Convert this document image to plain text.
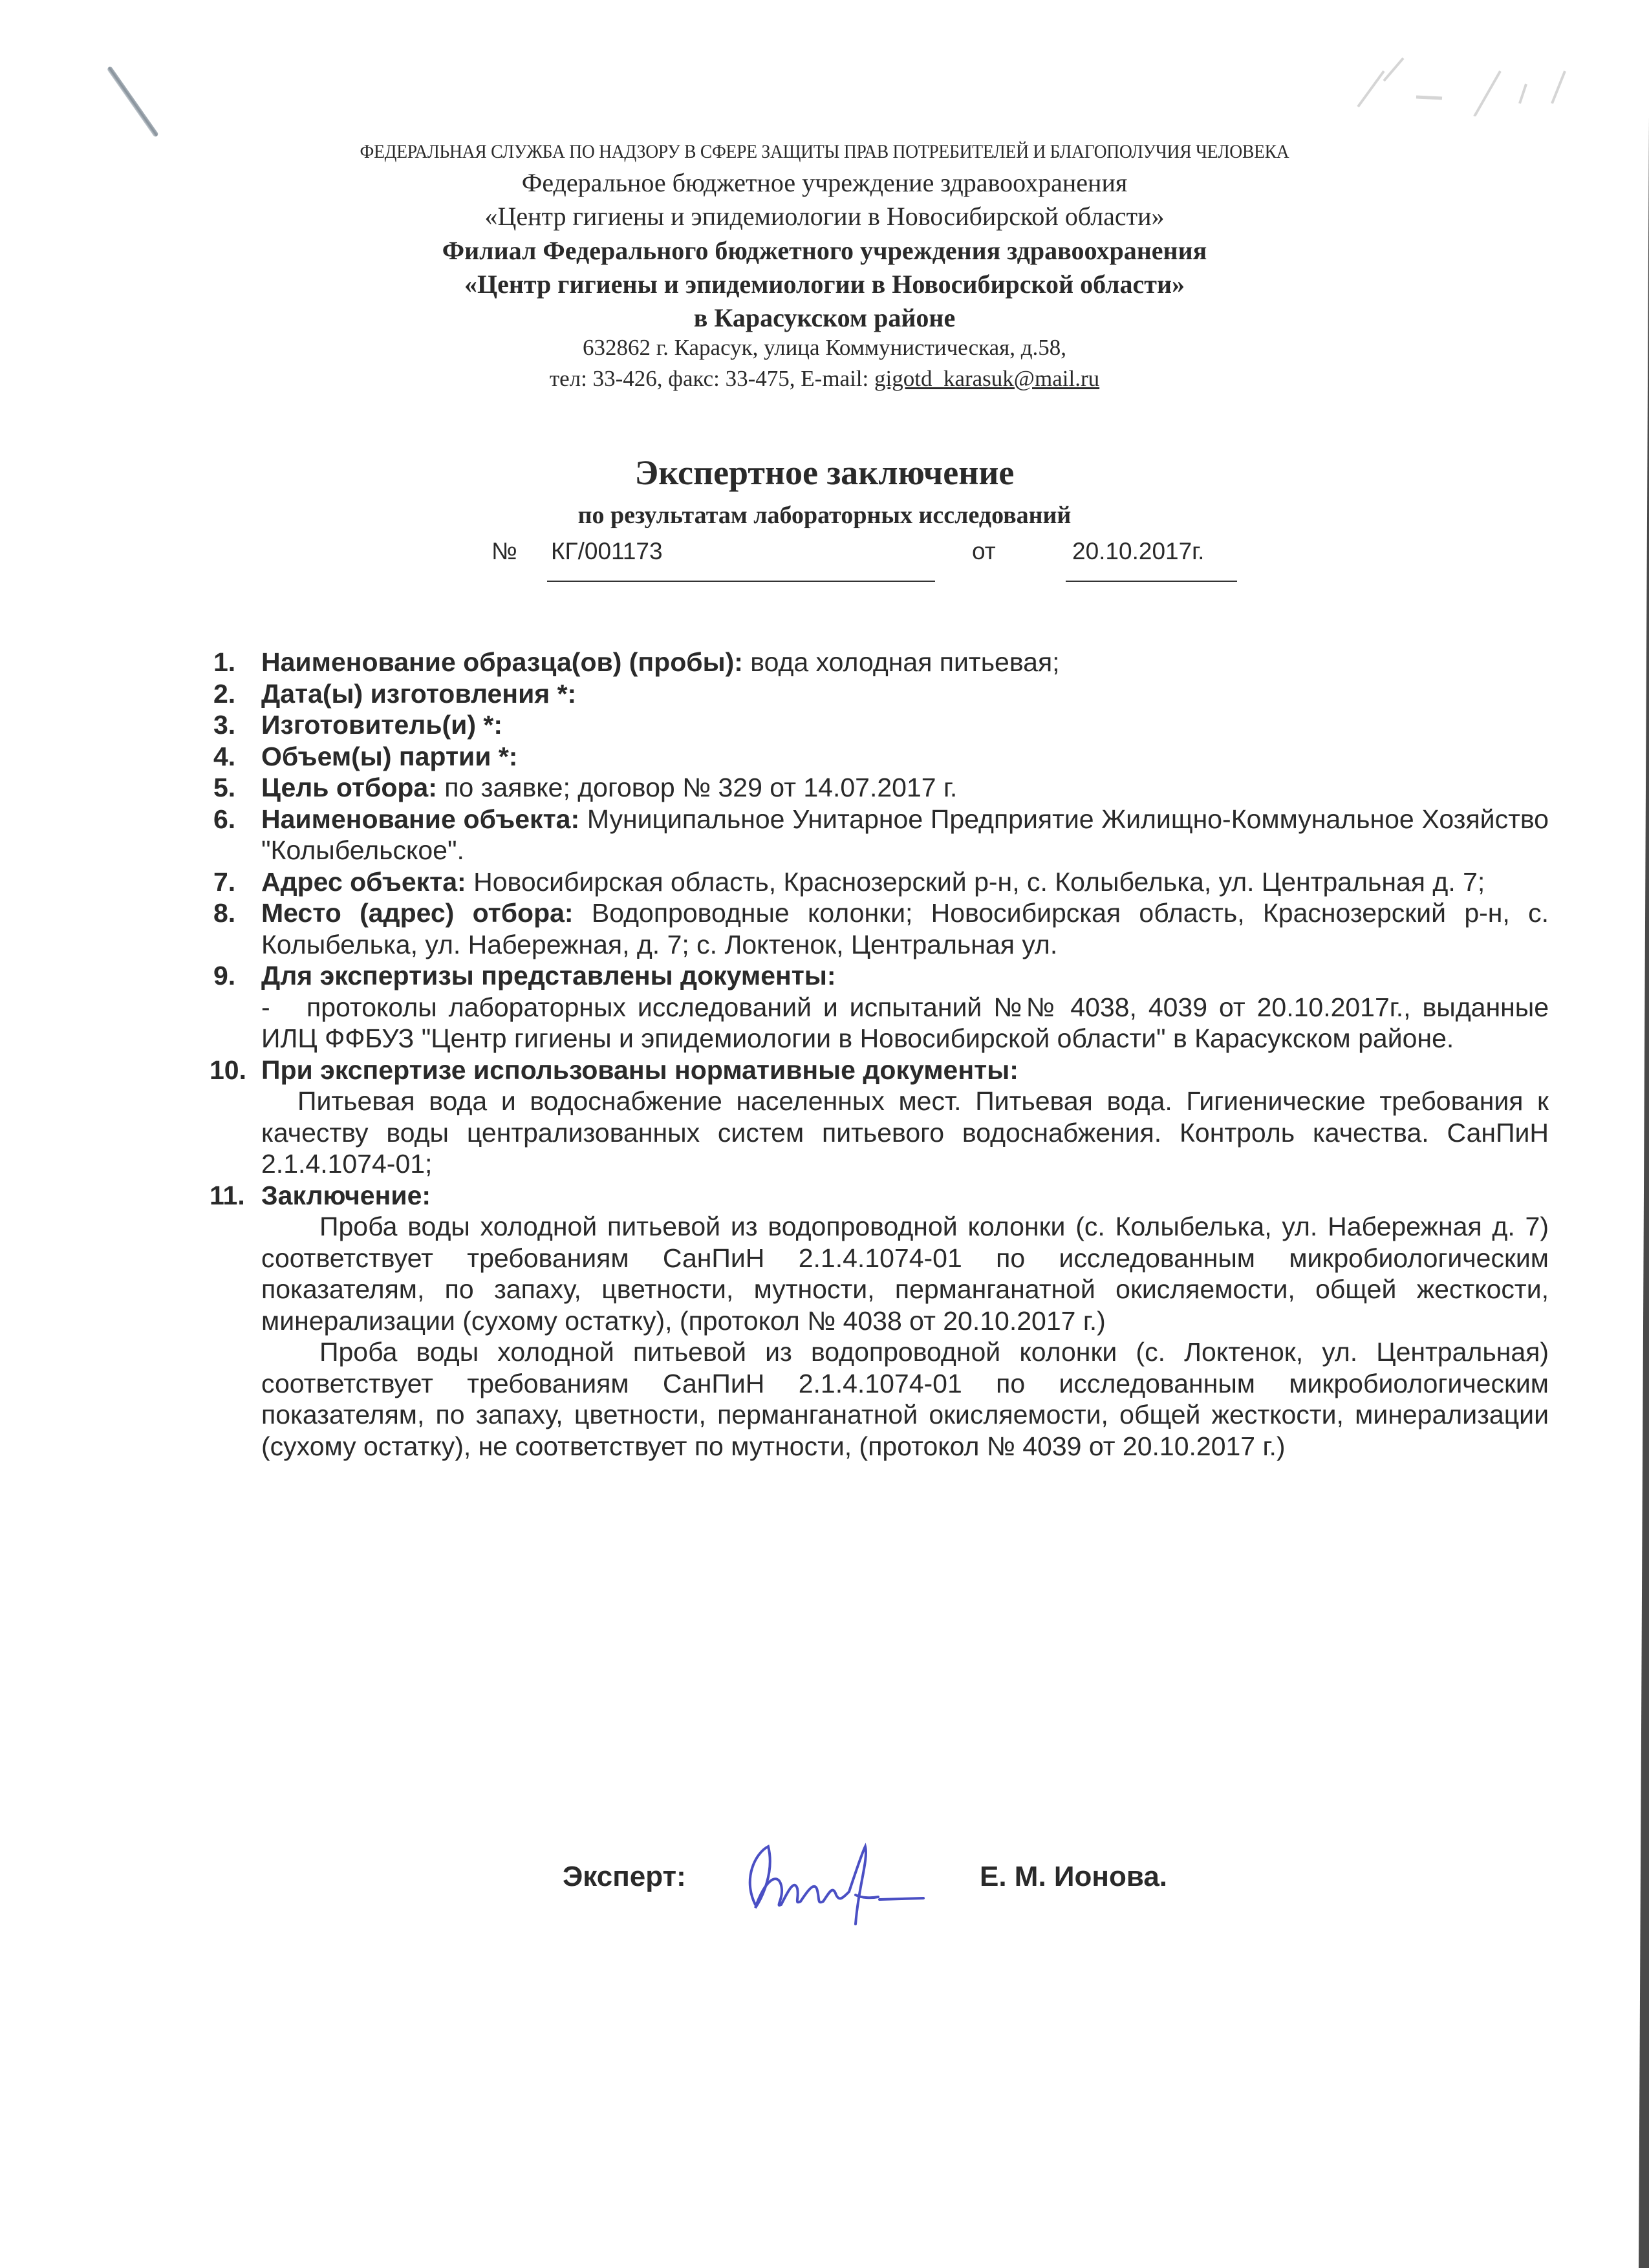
ФЕДЕРАЛЬНАЯ СЛУЖБА ПО НАДЗОРУ В СФЕРЕ ЗАЩИТЫ ПРАВ ПОТРЕБИТЕЛЕЙ И БЛАГОПОЛУЧИЯ ЧЕЛОВЕКА
Федеральное бюджетное учреждение здравоохранения
«Центр гигиены и эпидемиологии в Новосибирской области»
Филиал Федерального бюджетного учреждения здравоохранения
«Центр гигиены и эпидемиологии в Новосибирской области»
в Карасукском районе
632862 г. Карасук, улица Коммунистическая, д.58,
тел: 33-426, факс: 33-475, E-mail: gigotd_karasuk@mail.ru
Экспертное заключение
по результатам лабораторных исследований
№ КГ/001173	от	20.10.2017г.
1. Наименование образца(ов) (пробы): вода холодная питьевая;
2. Дата(ы) изготовления *:
3. Изготовитель(и) *:
4. Объем(ы) партии *:
5. Цель отбора: по заявке; договор № 329 от 14.07.2017 г.
6. Наименование объекта: Муниципальное Унитарное Предприятие Жилищно-Коммунальное Хозяйство "Колыбельское".
7. Адрес объекта: Новосибирская область, Краснозерский р-н, с. Колыбелька, ул. Центральная д. 7;
8. Место (адрес) отбора: Водопроводные колонки; Новосибирская область, Краснозерский р-н, с. Колыбелька, ул. Набережная, д. 7; с. Локтенок, Центральная ул.
9. Для экспертизы представлены документы:
- протоколы лабораторных исследований и испытаний №№ 4038, 4039 от 20.10.2017г., выданные ИЛЦ ФФБУЗ "Центр гигиены и эпидемиологии в Новосибирской области" в Карасукском районе.
10. При экспертизе использованы нормативные документы:
Питьевая вода и водоснабжение населенных мест. Питьевая вода. Гигиенические требования к качеству воды централизованных систем питьевого водоснабжения. Контроль качества. СанПиН 2.1.4.1074-01;
11. Заключение:
Проба воды холодной питьевой из водопроводной колонки (с. Колыбелька, ул. Набережная д. 7) соответствует требованиям СанПиН 2.1.4.1074-01 по исследованным микробиологическим показателям, по запаху, цветности, мутности, перманганатной окисляемости, общей жесткости, минерализации (сухому остатку), (протокол № 4038 от 20.10.2017 г.)
Проба воды холодной питьевой из водопроводной колонки (с. Локтенок, ул. Центральная) соответствует требованиям СанПиН 2.1.4.1074-01 по исследованным микробиологическим показателям, по запаху, цветности, перманганатной окисляемости, общей жесткости, минерализации (сухому остатку), не соответствует по мутности, (протокол № 4039 от 20.10.2017 г.)
Эксперт:	Е. М. Ионова.
